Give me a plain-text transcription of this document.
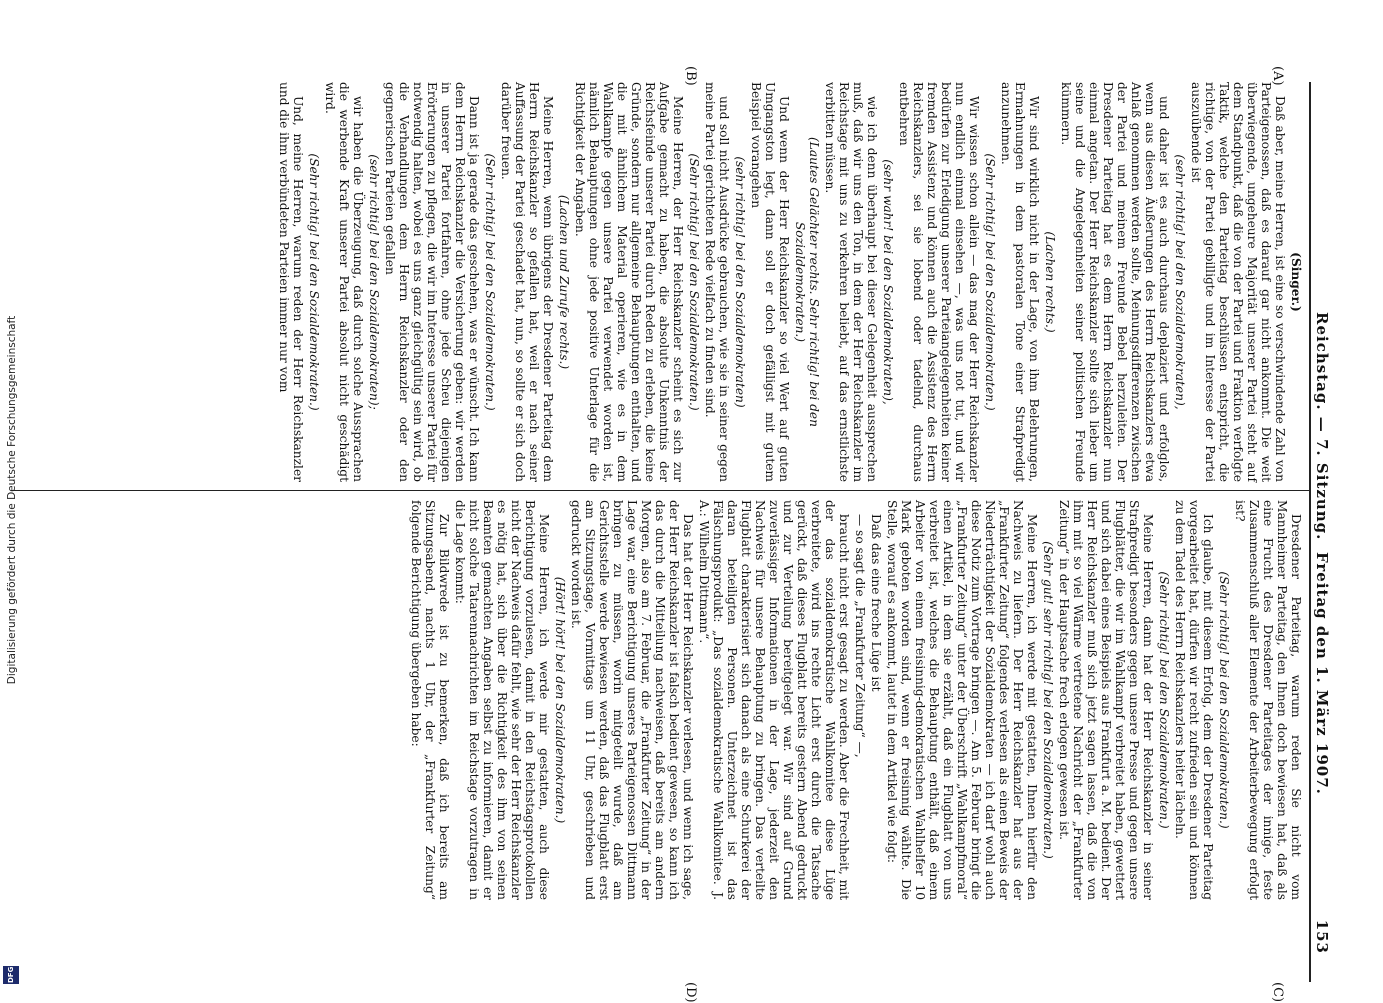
Reichstag. — 7. Sitzung.
Freitag den 1. März 1907.
153
(A)
(B)
(C)
(D)

(Singer.)

Daß aber, meine Herren, ist eine so verschwindende Zahl von Parteigenossen, daß es darauf gar nicht ankommt. Die weit überwiegende, ungeheure Majorität unserer Partei steht auf dem Standpunkt, daß die von der Partei und Fraktion verfolgte Taktik, welche den Parteitag beschlüssen entspricht, die richtige, von der Partei gebilligte und im Interesse der Partei auszuübende ist

(sehr richtig! bei den Sozialdemokraten),

und daher ist es auch durchaus deplaziert und erfolglos, wenn aus diesen Äußerungen des Herrn Reichskanzlers etwa Anlaß genommen werden sollte, Meinungsdifferenzen zwischen der Partei und meinem Freunde Bebel herzuleiten. Der Dresdener Parteitag hat es dem Herrn Reichskanzler nun einmal angetan. Der Herr Reichskanzler sollte sich lieber um seine und die Angelegenheiten seiner politischen Freunde kümmern.

(Lachen rechts.)

Wir sind wirklich nicht in der Lage, von ihm Belehrungen, Ermahnungen in dem pastoralen Tone einer Strafpredigt anzunehmen.

(Sehr richtig! bei den Sozialdemokraten.)

Wir wissen schon allein — das mag der Herr Reichskanzler nun endlich einmal einsehen —, was uns not tut, und wir bedürfen zur Erledigung unserer Parteiangelegenheiten keiner fremden Assistenz und können auch die Assistenz des Herrn Reichskanzlers, sei sie lobend oder tadelnd, durchaus entbehren

(sehr wahr! bei den Sozialdemokraten),

wie ich denn überhaupt bei dieser Gelegenheit aussprechen muß, daß wir uns den Ton, in dem der Herr Reichskanzler im Reichstage mit uns zu verkehren beliebt, auf das ernstlichste verbitten müssen.

(Lautes Gelächter rechts. Sehr richtig! bei den Sozialdemokraten.)

Und wenn der Herr Reichskanzler so viel Wert auf guten Umgangston legt, dann soll er doch gefälligst mit gutem Beispiel vorangehen

(sehr richtig! bei den Sozialdemokraten)

und soll nicht Ausdrücke gebrauchen, wie sie in seiner gegen meine Partei gerichteten Rede vielfach zu finden sind.

(Sehr richtig! bei den Sozialdemokraten.)

Meine Herren, der Herr Reichskanzler scheint es sich zur Aufgabe gemacht zu haben, die absolute Unkenntnis der Reichsfeinde unserer Partei durch Reden zu erleben, die keine Gründe, sondern nur allgemeine Behauptungen enthalten, und die mit ähnlichem Material operieren, wie es in dem Wahlkampfe gegen unsere Partei verwendet worden ist, nämlich Behauptungen ohne jede positive Unterlage für die Richtigkeit der Angaben.

(Lachen und Zurufe rechts.)

Meine Herren, wenn übrigens der Dresdener Parteitag dem Herrn Reichskanzler so gefallen hat, weil er nach seiner Auffassung der Partei geschadet hat, nun, so sollte er sich doch darüber freuen.

(Sehr richtig! bei den Sozialdemokraten.)

Dann ist ja gerade das geschehen, was er wünscht. Ich kann dem Herrn Reichskanzler die Versicherung geben: wir werden in unserer Partei fortfahren, ohne jede Scheu diejenigen Erörterungen zu pflegen, die wir im Interesse unserer Partei für notwendig halten, wobei es uns ganz gleichgültig sein wird, ob die Verhandlungen dem Herrn Reichskanzler oder den gegnerischen Parteien gefallen

(sehr richtig! bei den Sozialdemokraten);

wir haben die Überzeugung, daß durch solche Aussprachen die werbende Kraft unserer Partei absolut nicht geschädigt wird.

(Sehr richtig! bei den Sozialdemokraten.)

Und, meine Herren, warum reden der Herr Reichskanzler und die ihm verbündeten Parteien immer nur vom

Dresdener Parteitag, warum reden Sie nicht vom Mannheimer Parteitag, den Ihnen doch bewiesen hat, daß als eine Frucht des Dresdener Parteitages der innige, feste Zusammenschluß aller Elemente der Arbeiterbewegung erfolgt ist?

(Sehr richtig! bei den Sozialdemokraten.)

Ich glaube, mit diesem Erfolg, dem der Dresdener Parteitag vorgearbeitet hat, dürfen wir recht zufrieden sein und können zu dem Tadel des Herrn Reichskanzlers heiter lächeln.

(Sehr richtig! bei den Sozialdemokraten.)

Meine Herren, dann hat der Herr Reichskanzler in seiner Strafpredigt besonders gegen unsere Presse und gegen unsere Flugblätter, die wir im Wahlkampf verbreitet haben, gewettert und sich dabei eines Beispiels aus Frankfurt a. M. bedient. Der Herr Reichskanzler muß sich jetzt sagen lassen, daß die von ihm mit so viel Wärme vertretene Nachricht der „Frankfurter Zeitung“ in der Hauptsache frech erlogen gewesen ist.

(Sehr gut! sehr richtig! bei den Sozialdemokraten.)

Meine Herren, ich werde mit gestatten, Ihnen hierfür den Nachweis zu liefern. Der Herr Reichskanzler hat aus der „Frankfurter Zeitung“ folgendes verlesen als einen Beweis der Niederträchtigkeit der Sozialdemokraten — ich darf wohl auch diese Notiz zum Vortrage bringen —. Am 5. Februar bringt die „Frankfurter Zeitung“ unter der Überschrift „Wahlkampfmoral“ einen Artikel, in dem sie erzählt, daß ein Flugblatt von uns verbreitet ist, welches die Behauptung enthält, daß einem Arbeiter von einem freisinnig-demokratischen Wahlhelfer 10 Mark geboten worden sind, wenn er freisinnig wählte. Die Stelle, worauf es ankommt, lautet in dem Artikel wie folgt:

Daß das eine freche Lüge ist

— so sagt die „Frankfurter Zeitung“ —,

braucht nicht erst gesagt zu werden. Aber die Frechheit, mit der das sozialdemokratische Wahlkomitee diese Lüge verbreitete, wird ins rechte Licht erst durch die Tatsache gerückt, daß dieses Flugblatt bereits gestern Abend gedruckt und zur Verteilung bereitgelegt war. Wir sind auf Grund zuverlässiger Informationen in der Lage, jederzeit den Nachweis für unsere Behauptung zu bringen. Das verteilte Flugblatt charakterisiert sich danach als eine Schurkerei der daran beteiligten Personen. Unterzeichnet ist das Fälschungsprodukt: „Das sozialdemokratische Wahlkomitee. J. A.: Wilhelm Dittmann“.

Das hat der Herr Reichskanzler verlesen, und wenn ich sage, der Herr Reichskanzler ist falsch bedient gewesen, so kann ich das durch die Mitteilung nachweisen, daß bereits am andern Morgen, also am 7. Februar, die „Frankfurter Zeitung“ in der Lage war, eine Berichtigung unseres Parteigenossen Dittmann bringen zu müssen, worin mitgeteilt wurde, daß am Gerichtsstelle werde bewiesen werden, daß das Flugblatt erst am Sitzungstage, Vormittags um 11 Uhr, geschrieben und gedruckt worden ist.

(Hört! hört! bei den Sozialdemokraten.)

Meine Herren, ich werde mir gestatten, auch diese Berichtigung vorzulesen, damit in den Reichstagsprotokollen nicht der Nachweis dafür fehlt, wie sehr der Herr Reichskanzler es nötig hat, sich über die Richtigkeit des ihm von seinen Beamten gemachten Angaben selbst zu informieren, damit er nicht solche Tatarennachrichten im Reichstage vorzutragen in die Lage kommt:

Zur Bildwrede ist zu bemerken, daß ich bereits am Sitzungsabend, nachts 1 Uhr, der „Frankfurter Zeitung“ folgende Berichtigung übergeben habe:

Digitalisierung gefördert durch die Deutsche Forschungsgemeinschaft
DFG
